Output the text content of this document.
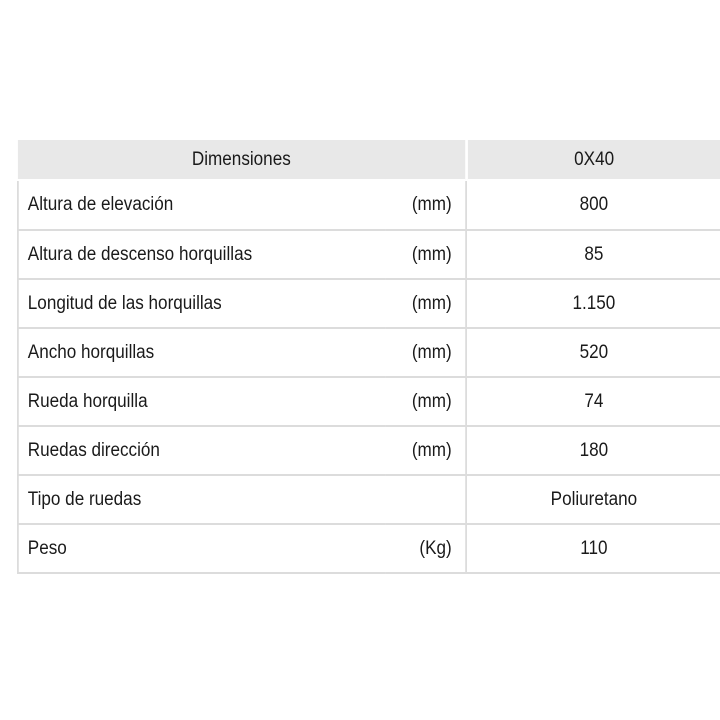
Dimensiones		0X40
Altura de elevación	(mm)	800
Altura de descenso horquillas	(mm)	85
Longitud de las horquillas	(mm)	1.150
Ancho horquillas	(mm)	520
Rueda horquilla	(mm)	74
Ruedas dirección	(mm)	180
Tipo de ruedas		Poliuretano
Peso	(Kg)	110
